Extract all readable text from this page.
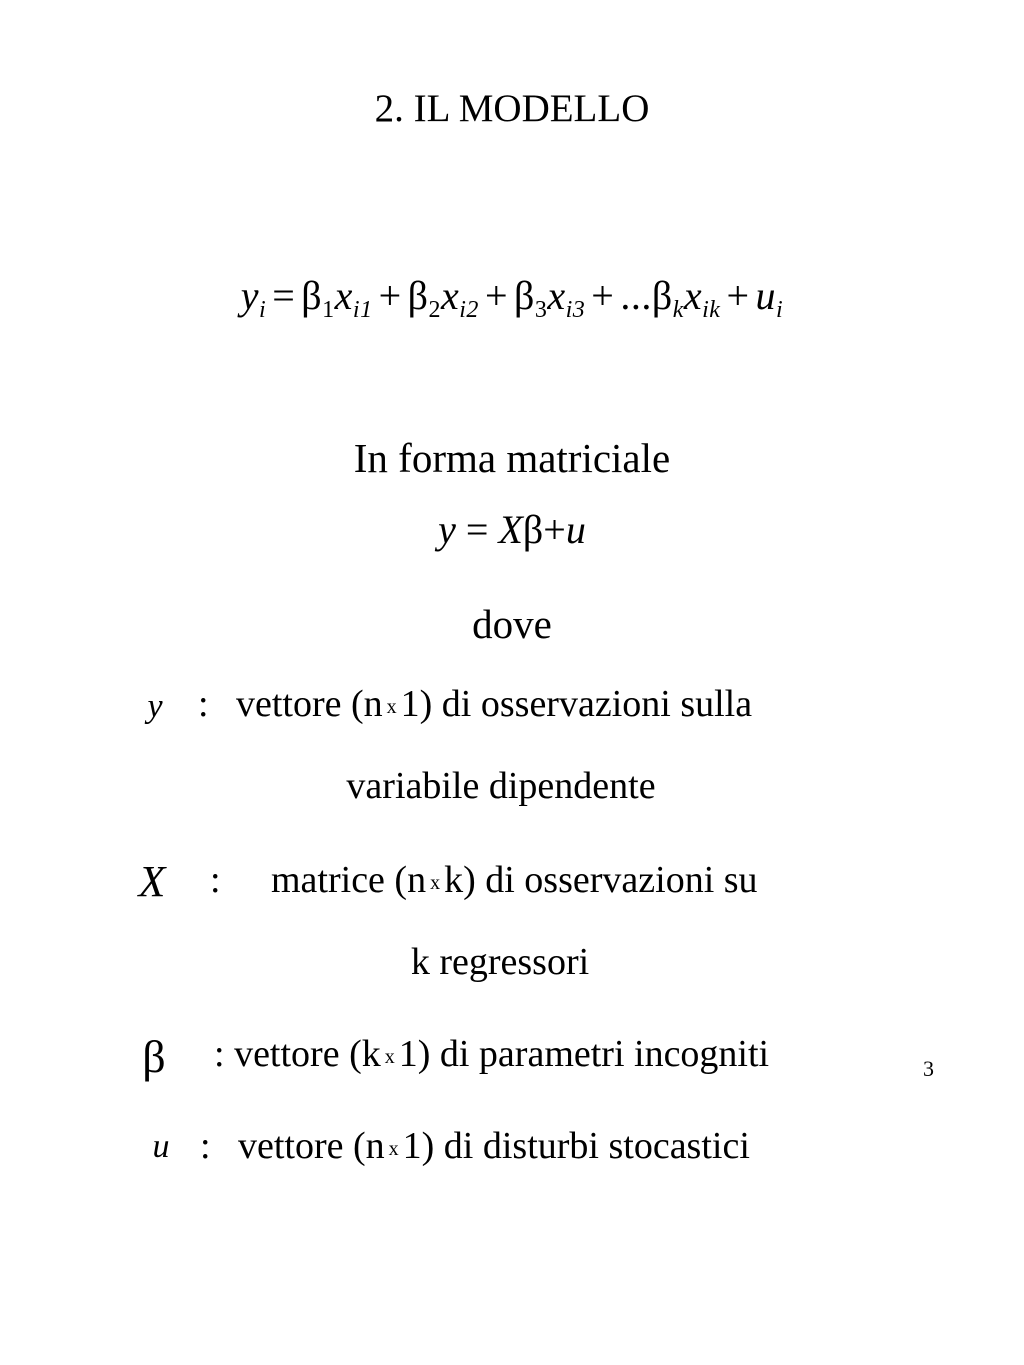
2. IL MODELLO
$y_i = \beta_1x_{i1} + \beta_2x_{i2} + \beta_3x_{i3} + ...\beta_kx_{ik} + u_i$
In forma matriciale
y = Xβ+u
dove
y : vettore (n x 1) di osservazioni sulla
variabile dipendente
X : matrice (n x k) di osservazioni su
k regressori
β : vettore (k x 1) di parametri incogniti
u : vettore (n x 1) di disturbi stocastici
3
